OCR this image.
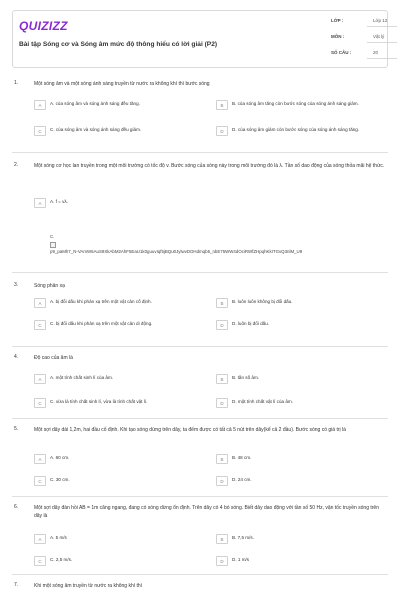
QUIZIZZ
Bài tập Sóng cơ và Sóng âm mức độ thông hiểu có lời giải (P2)
LỚP :	Lớp 12
MÔN :	Vật lý
SỐ CÂU :	20
1.	Một sóng âm và một sóng ánh sáng truyền từ nước ra không khí thì bước sóng
A	A. của sóng âm và sóng ánh sáng đều tăng.	B	B. của sóng âm tăng còn bước sóng của sóng ánh sáng giảm.
C	C. của sóng âm và sóng ánh sáng đều giảm.	D	D. của sóng âm giảm còn bước sóng của sóng ánh sáng tăng.
2.	Một sóng cơ học lan truyền trong một môi trường có tốc độ v. Bước sóng của sóng này trong môi trường đó là λ. Tần số dao động của sóng thỏa mãi hệ thức.
A	A. f = vλ.
C.
p9_paMh7_N-VAmW6AuS9XkAbM2AhF5EaU1k0guuvIqf5jBQu0JylwvDOHdmqb5_nbE75WW4dOciRWfZHpqhKkITGvQ3nlM_U9
3.	Sóng phản xạ
A	A. bị đổi dấu khi phản xạ trên một vật cản cố định.	B	B. luôn luôn không bị đổi dấu.
C	C. bị đổi dấu khi phản xạ trên một vật cản di động.	D	D. luôn bị đổi dấu.
4.	Độ cao của âm là
A	A. một tính chất sinh lí của âm.	B	B. tần số âm.
C	C. vừa là tính chất sinh lí, vừa là tính chất vật lí.	D	D. một tính chất vật lí của âm.
5.	Một sợi dây dài 1,2m, hai đầu cố định. Khi tạo sóng dừng trên dây, ta đếm được có tất cả 5 nút trên dây(kể cả 2 đầu). Bước sóng có giá trị là
A	A. 60 cm.	B	B. 48 cm.
C	C. 30 cm.	D	D. 24 cm.
6.	Một sợi dây đàn hồi AB = 1m căng ngang, đang có sóng dừng ổn định. Trên dây có 4 bó sóng. Biết dây dao động với tần số 50 Hz, vận tốc truyền sóng trên dây là
A	A. 5 m/s	B	B. 7,5 m/s.
C	C. 2,5 m/s.	D	D. 1 m/s
7.	Khi một sóng âm truyền từ nước ra không khí thì
